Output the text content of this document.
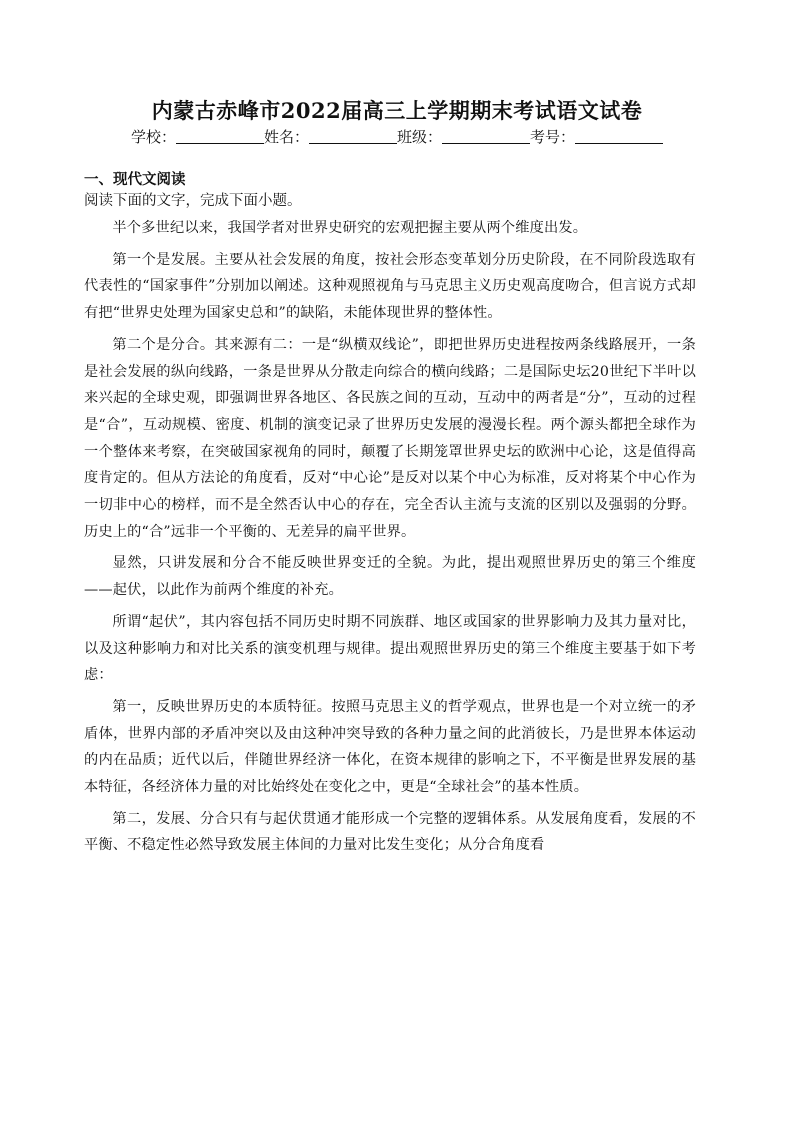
内蒙古赤峰市2022届高三上学期期末考试语文试卷
学校：	姓名：	班级：	考号：
一、现代文阅读
阅读下面的文字，完成下面小题。

半个多世纪以来，我国学者对世界史研究的宏观把握主要从两个维度出发。

第一个是发展。主要从社会发展的角度，按社会形态变革划分历史阶段，在不同阶段选取有代表性的“国家事件”分别加以阐述。这种观照视角与马克思主义历史观高度吻合，但言说方式却有把“世界史处理为国家史总和”的缺陷，未能体现世界的整体性。

第二个是分合。其来源有二：一是“纵横双线论”，即把世界历史进程按两条线路展开，一条是社会发展的纵向线路，一条是世界从分散走向综合的横向线路；二是国际史坛20世纪下半叶以来兴起的全球史观，即强调世界各地区、各民族之间的互动，互动中的两者是“分”，互动的过程是“合”，互动规模、密度、机制的演变记录了世界历史发展的漫漫长程。两个源头都把全球作为一个整体来考察，在突破国家视角的同时，颠覆了长期笼罩世界史坛的欧洲中心论，这是值得高度肯定的。但从方法论的角度看，反对“中心论”是反对以某个中心为标准，反对将某个中心作为一切非中心的榜样，而不是全然否认中心的存在，完全否认主流与支流的区别以及强弱的分野。历史上的“合”远非一个平衡的、无差异的扁平世界。

显然，只讲发展和分合不能反映世界变迁的全貌。为此，提出观照世界历史的第三个维度——起伏，以此作为前两个维度的补充。

所谓“起伏”，其内容包括不同历史时期不同族群、地区或国家的世界影响力及其力量对比，以及这种影响力和对比关系的演变机理与规律。提出观照世界历史的第三个维度主要基于如下考虑：

第一，反映世界历史的本质特征。按照马克思主义的哲学观点，世界也是一个对立统一的矛盾体，世界内部的矛盾冲突以及由这种冲突导致的各种力量之间的此消彼长，乃是世界本体运动的内在品质；近代以后，伴随世界经济一体化，在资本规律的影响之下，不平衡是世界发展的基本特征，各经济体力量的对比始终处在变化之中，更是“全球社会”的基本性质。

第二，发展、分合只有与起伏贯通才能形成一个完整的逻辑体系。从发展角度看，发展的不平衡、不稳定性必然导致发展主体间的力量对比发生变化；从分合角度看
